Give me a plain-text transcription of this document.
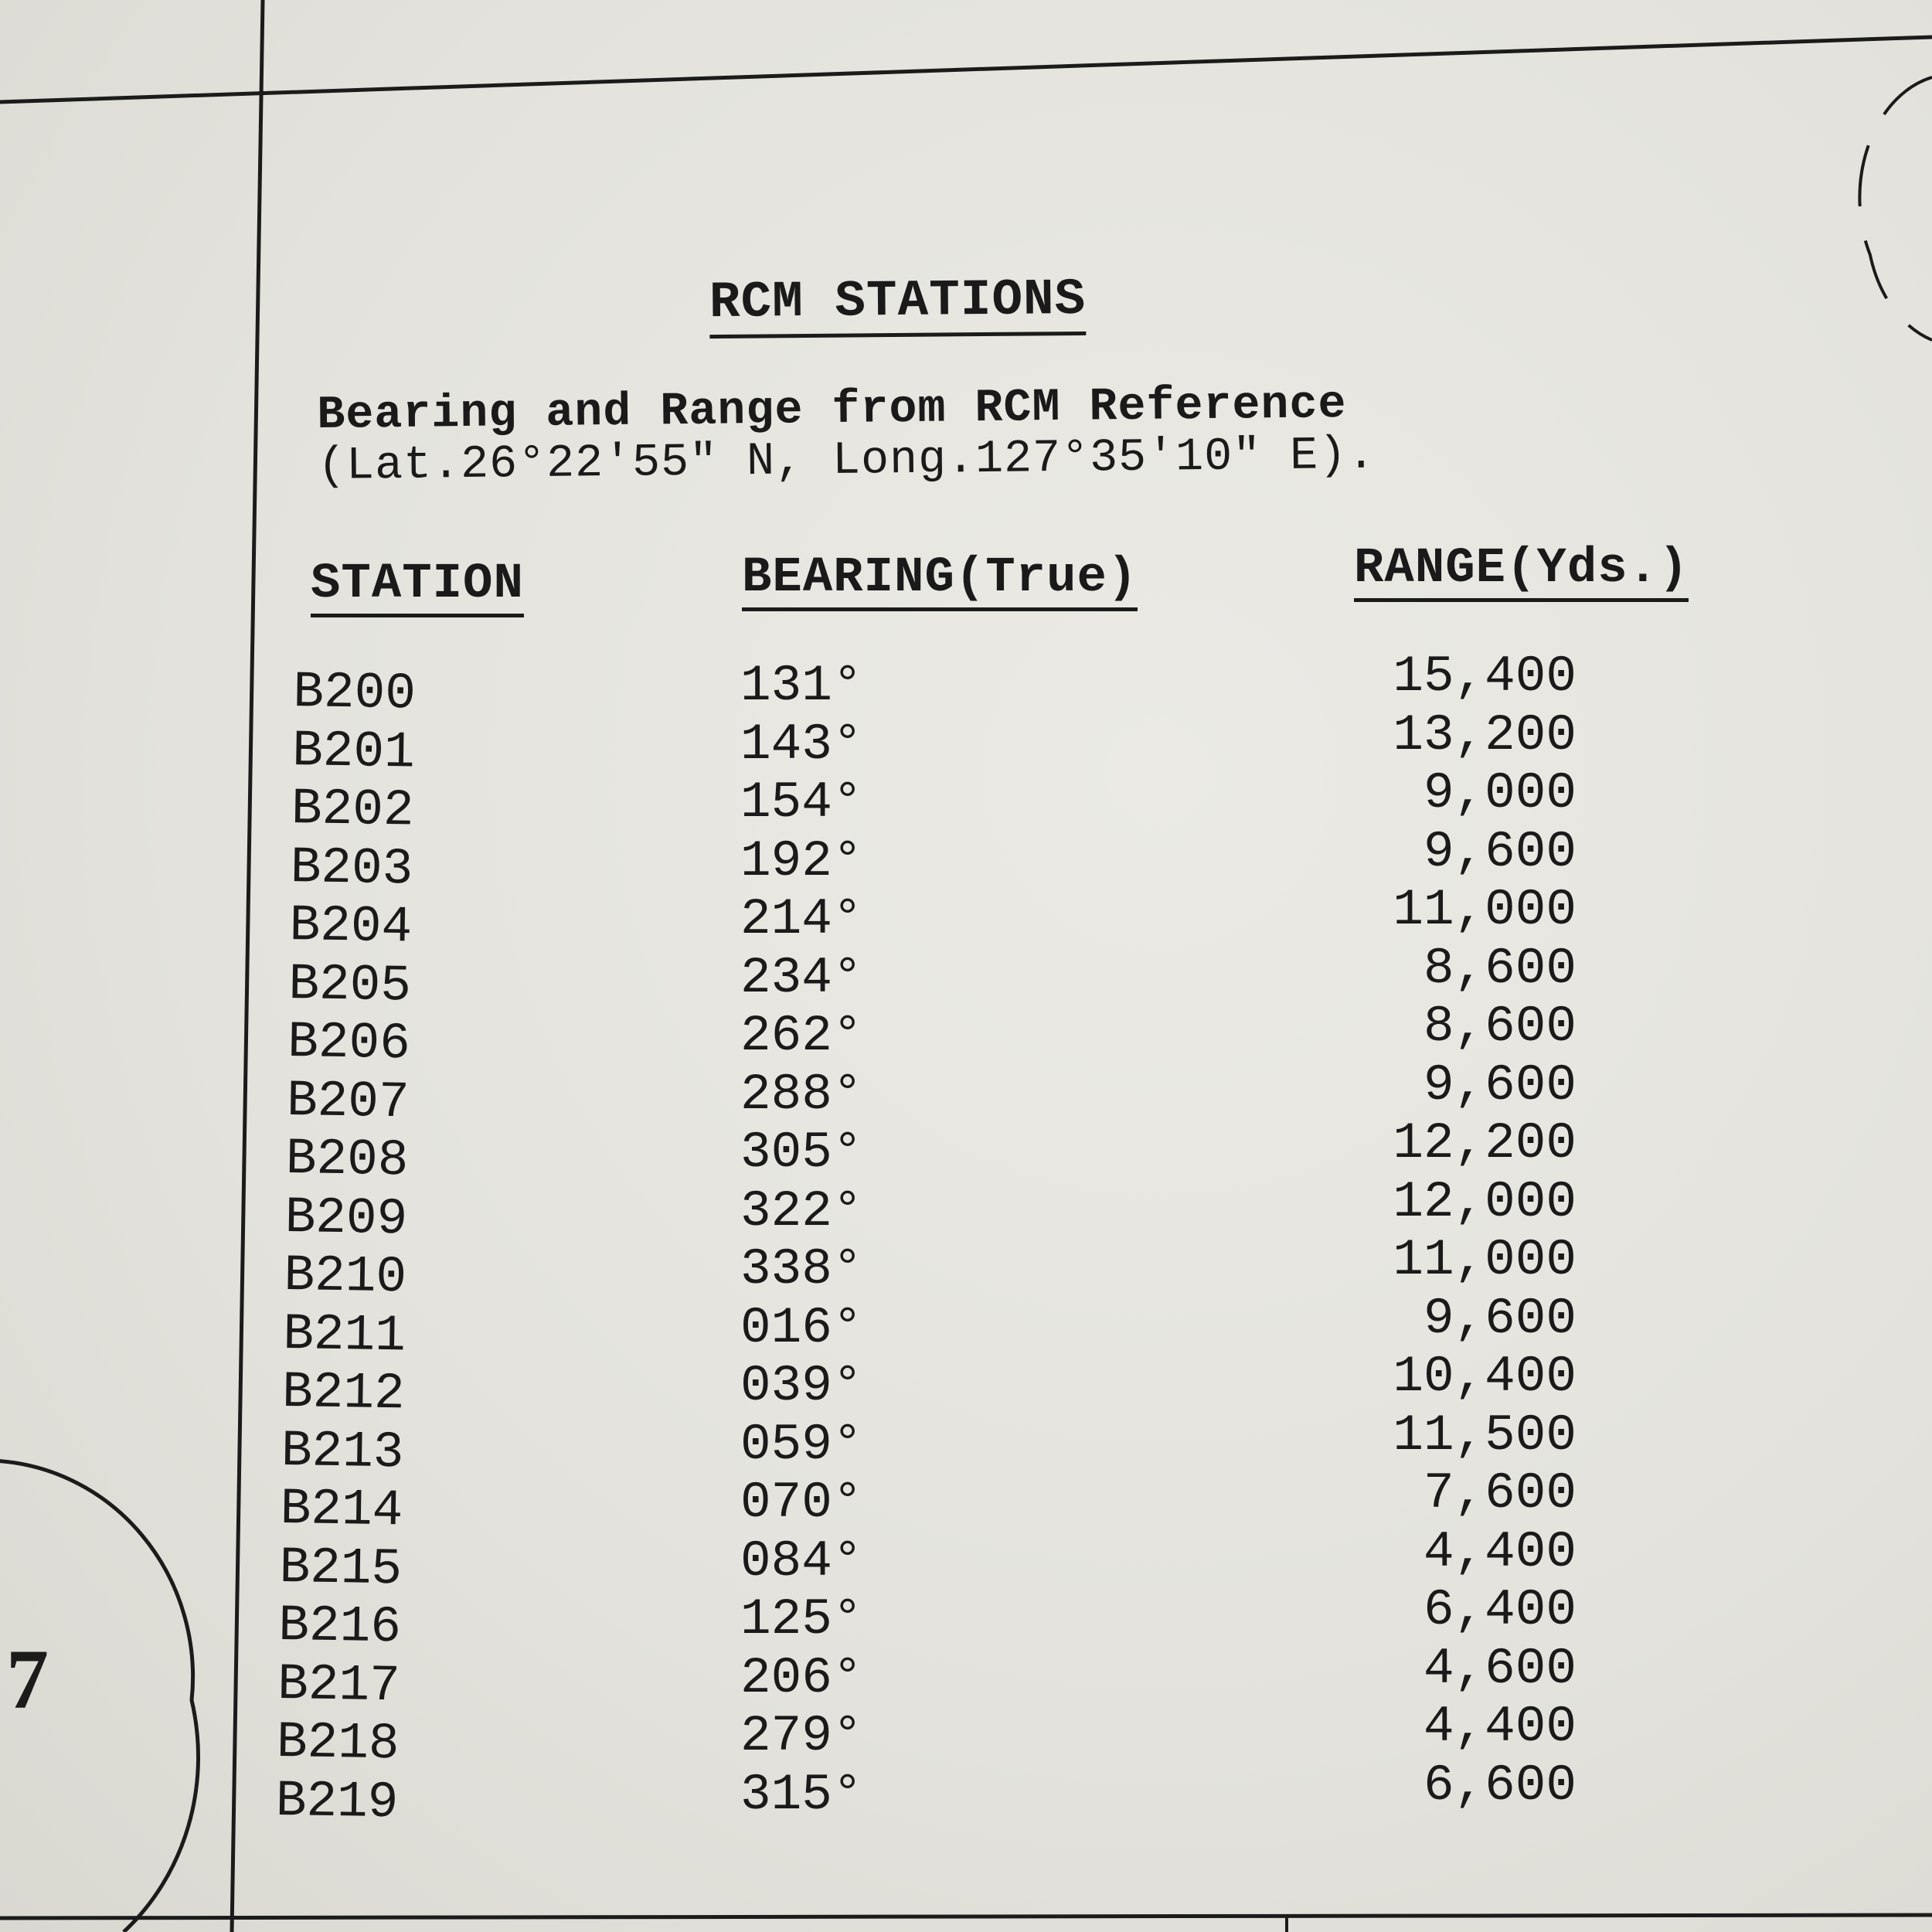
7
RCM STATIONS
Bearing and Range from RCM Reference
(Lat.26°22'55" N, Long.127°35'10" E).
STATION	BEARING(True)	RANGE(Yds.)
B200
B201
B202
B203
B204
B205
B206
B207
B208
B209
B210
B211
B212
B213
B214
B215
B216
B217
B218
B219
131°
143°
154°
192°
214°
234°
262°
288°
305°
322°
338°
016°
039°
059°
070°
084°
125°
206°
279°
315°
15,400
13,200
9,000
9,600
11,000
8,600
8,600
9,600
12,200
12,000
11,000
9,600
10,400
11,500
7,600
4,400
6,400
4,600
4,400
6,600
